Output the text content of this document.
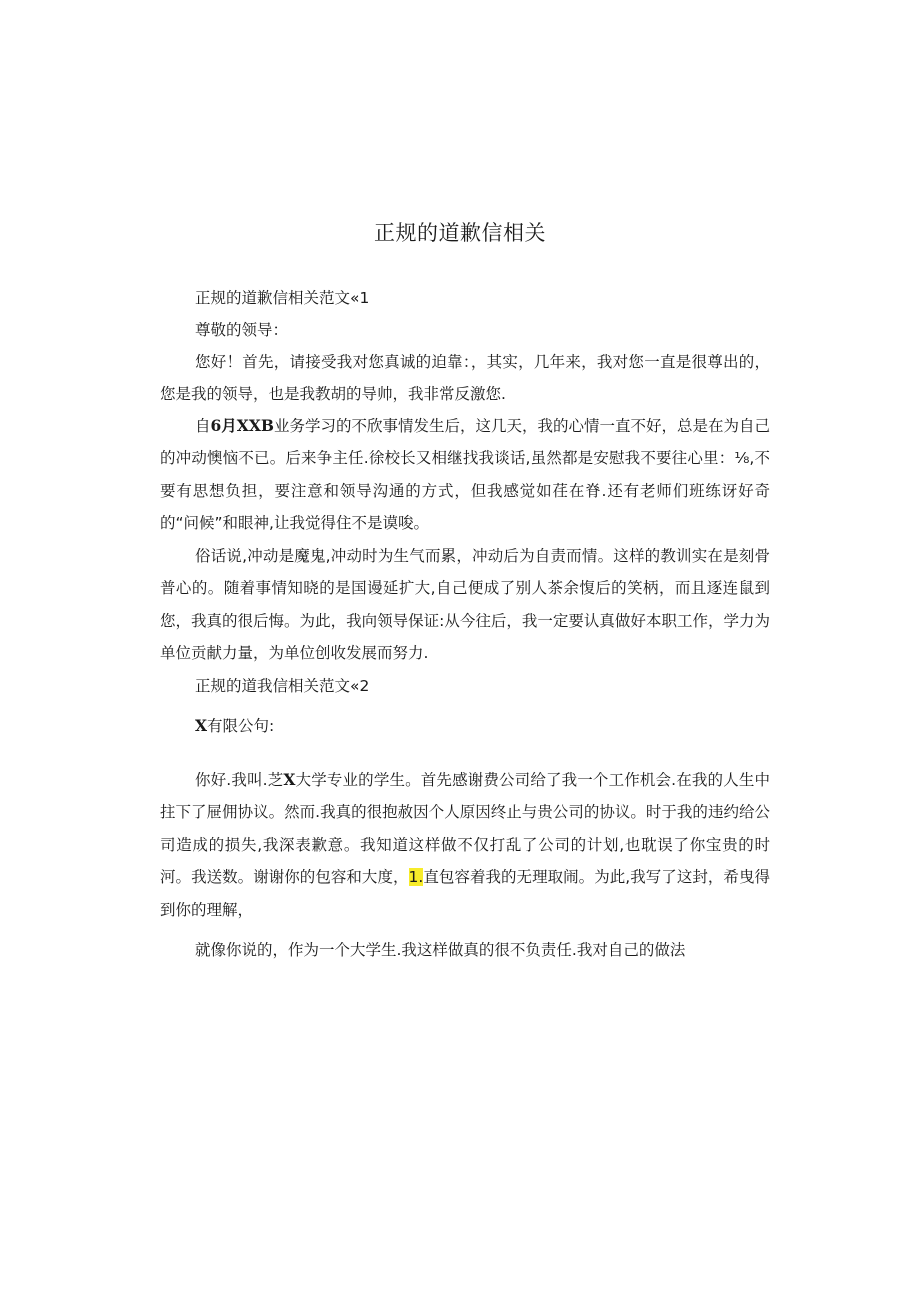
正规的道歉信相关

正规的道歉信相关范文«1

尊敬的领导：

您好！首先，请接受我对您真诚的迫靠：，其实，几年来，我对您一直是很尊出的，您是我的领导，也是我教胡的导帅，我非常反激您.

自6月XXB业务学习的不欣事情发生后，这几天，我的心情一直不好，总是在为自己的冲动懊恼不已。后来争主任.徐校长又相继找我谈话,虽然都是安慰我不要往心里：⅛,不要有思想负担，要注意和领导沟通的方式，但我感觉如荏在脊.还有老师们班练讶好奇的“问候”和眼神,让我觉得住不是谟唆。

俗话说,冲动是魔鬼,冲动时为生气而累，冲动后为自责而情。这样的教训实在是刻骨普心的。随着事情知晓的是国谩延扩大,自己便成了别人茶余愎后的笑柄，而且逐连鼠到您，我真的很后悔。为此，我向领导保证:从今往后，我一定要认真做好本职工作，学力为单位贡献力量，为单位创收发展而努力.

正规的道我信相关范文«2

X有限公句:

你好.我叫.芝X大学专业的学生。首先感谢费公司给了我一个工作机会.在我的人生中拄下了屉佣协议。然而.我真的很抱赦因个人原因终止与贵公司的协议。时于我的违约给公司造成的损失,我深表歉意。我知道这样做不仅打乱了公司的计划,也耽误了你宝贵的时河。我送数。谢谢你的包容和大度，1.直包容着我的无理取闹。为此,我写了这封，希曳得到你的理解，

就像你说的，作为一个大学生.我这样做真的很不负责任.我对自己的做法
